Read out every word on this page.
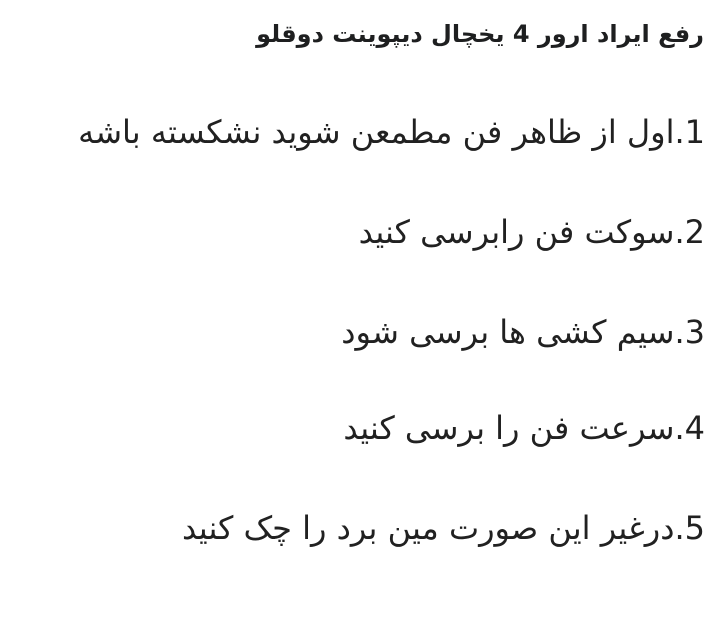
رفع ایراد ارور 4 یخچال دیپوینت دوقلو

1.اول از ظاهر فن مطمعن شوید نشکسته باشه

2.سوکت فن رابرسی کنید

3.سیم کشی ها برسی شود

4.سرعت فن را برسی کنید

5.درغیر این صورت مین برد را چک کنید
